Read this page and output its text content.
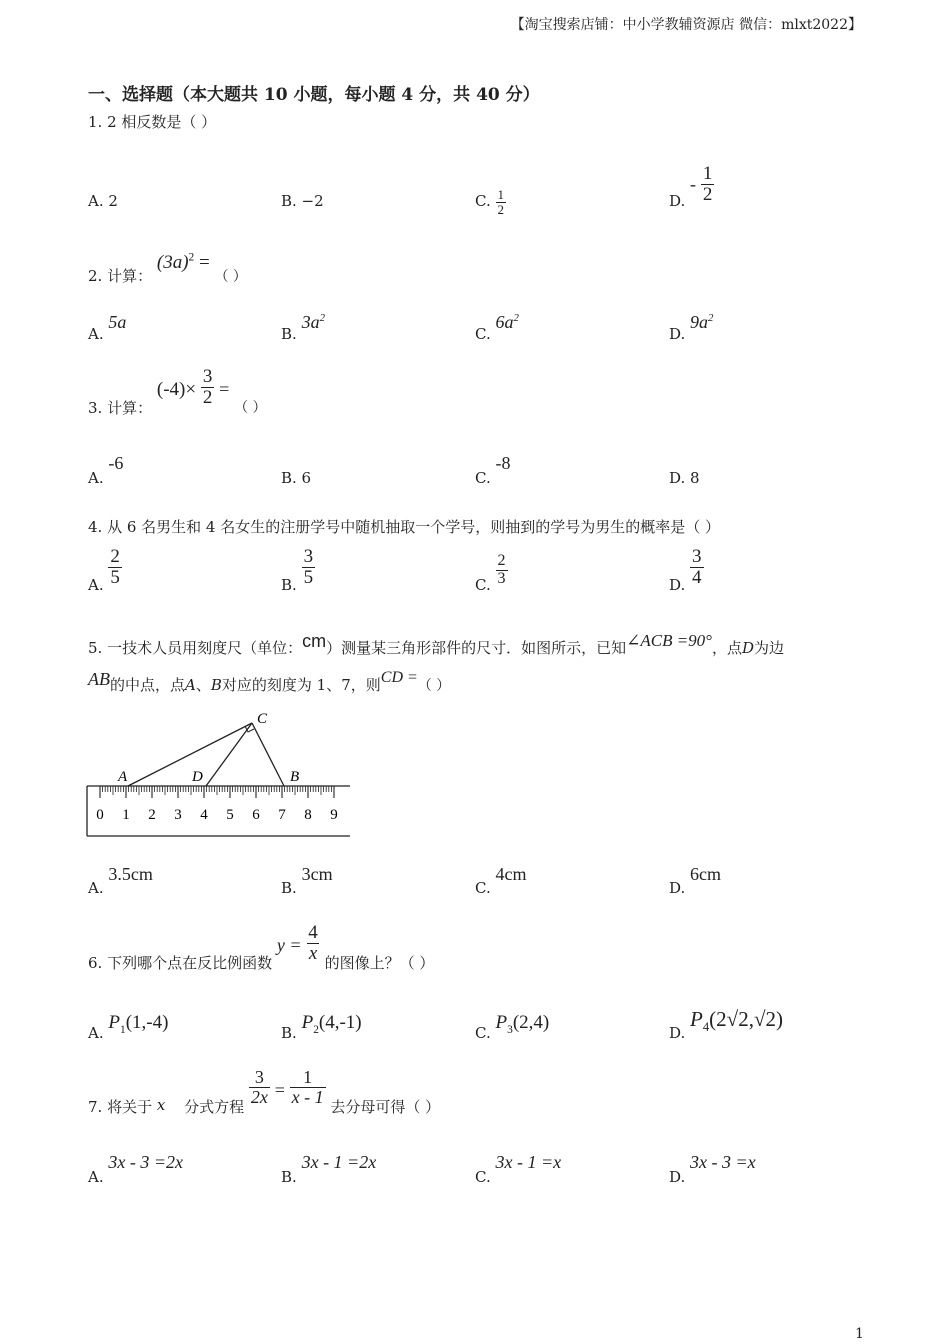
【淘宝搜索店铺：中小学教辅资源店 微信：mlxt2022】
一、选择题（本大题共 10 小题，每小题 4 分，共 40 分）
1. 2 相反数是（ ）
A. 2	B. −2	C. $\frac{1}{2}$	D. - $\frac{1}{2}$
2. 计算： $(3a)^2$ = （ ）
A. 5a
B. $3a^2$
C. $6a^2$
D. $9a^2$
3. 计算： $(-4)\times \frac{3}{2}$ = （ ）
A. -6
B. 6	C. -8
D. 8
4. 从 6 名男生和 4 名女生的注册学号中随机抽取一个学号，则抽到的学号为男生的概率是（ ）
A. $\frac{2}{5}$	B. $\frac{3}{5}$	C. $\frac{2}{3}$	D. $\frac{3}{4}$
5. 一技术人员用刻度尺（单位：cm）测量某三角形部件的尺寸．如图所示，已知∠ACB =90°，点D为边
AB的中点，点A、B对应的刻度为 1、7，则CD =（ ）
A	D	B
C
0 1 2 3 4 5 6 7 8 9
A. 3.5cm
B. 3cm
C. 4cm
D. 6cm
6. 下列哪个点在反比例函数 $y = \frac{4}{x}$ 的图像上？（ ）
A. $P_1(1,-4)$	B. $P_2(4,-1)$	C. $P_3(2,4)$	D. $P_4(2√2,√2)$
7. 将关于 x 分式方程
$\frac{3}{2x} = \frac{1}{x - 1}$
去分母可得（ ）
A. 3x - 3 =2x
B. 3x - 1 =2x
C. 3x - 1 =x
D. 3x - 3 =x
1
